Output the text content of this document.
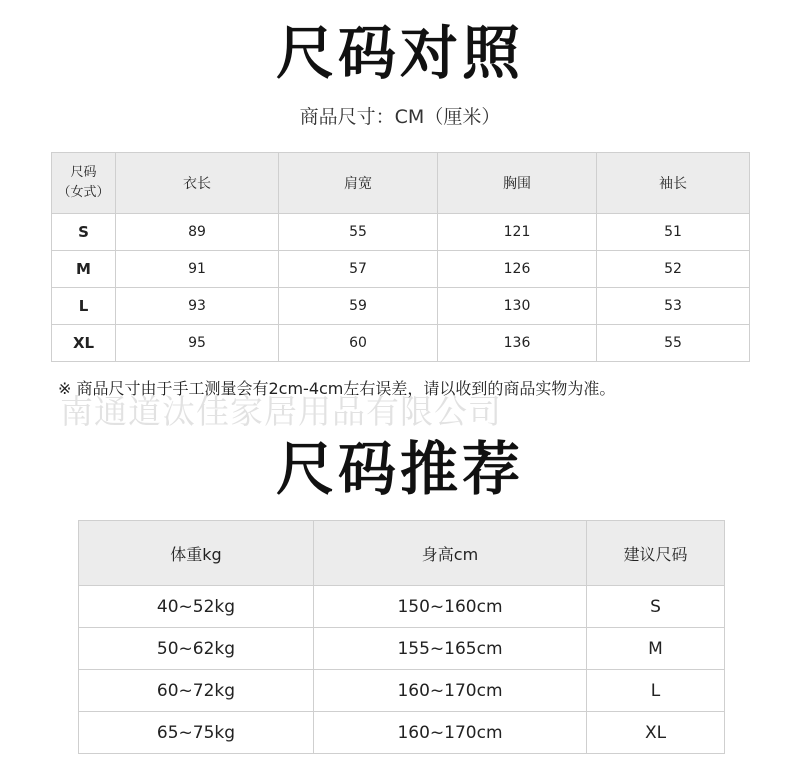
尺码对照
商品尺寸：CM（厘米）
尺码
（女式）	衣长	肩宽	胸围	袖长
S	89	55	121	51
M	91	57	126	52
L	93	59	130	53
XL	95	60	136	55
南通道汰佳家居用品有限公司
※ 商品尺寸由于手工测量会有2cm-4cm左右误差，请以收到的商品实物为准。
尺码推荐
体重kg	身高cm	建议尺码
40~52kg	150~160cm	S
50~62kg	155~165cm	M
60~72kg	160~170cm	L
65~75kg	160~170cm	XL
